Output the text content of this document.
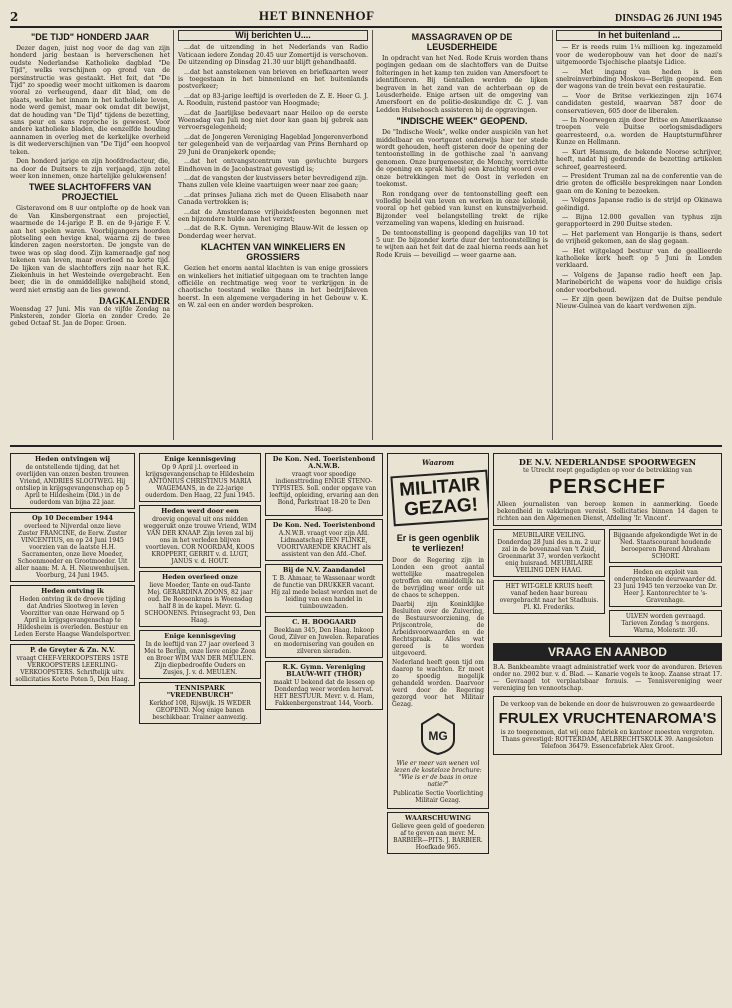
2	HET BINNENHOF	DINSDAG 26 JUNI 1945
"DE TIJD" HONDERD JAAR

Dezer dagen, juist nog voor de dag van zijn honderd jarig bestaan is herverschenen het oudste Nederlandse Katholieke dagblad "De Tijd", welks verschijnen op grond van de persinstructie was gestaakt. Het feit, dat "De Tijd" zo spoedig weer mocht uitkomen is daarom vooral zo verheugend, daar dit blad, om de plaats, welke het innam in het katholieke leven, node werd gemist, maar ook omdat dit bewijst, dat de houding van "De Tijd" tijdens de bezetting, sans peur en sans reproche is geweest. Voor andere katholieke bladen, die eenzelfde houding aannamen in overleg met de kerkelijke overheid is dit wederverschijnen van "De Tijd" een hoopvol teken.

Den honderd jarige en zijn hoofdredacteur, die, na door de Duitsers te zijn verjaagd, zijn zetel weer kon innemen, onze hartelijke gelukwensen!

TWEE SLACHTOFFERS VAN PROJECTIEL

Gisteravond om 8 uur ontplofte op de hoek van de Van Kinsbergenstraat een projectiel, waarmede de 14-jarige P. B. en de 9-jarige F. V. aan het spelen waren. Voorbijgangers hoorden plotseling een hevige knal, waarna zij de twee kinderen zagen neerstorten. De jongste van de twee was op slag dood. Zijn kameraadje gaf nog tekenen van leven, maar overleed na korte tijd. De lijken van de slachtoffers zijn naar het R.K. Ziekenhuis in het Westeinde overgebracht. Een beer, die in de onmiddellijke nabijheid stond, werd niet ernstig aan de lies gewond.

DAGKALENDER
Woensdag 27 Juni. Mis van de vijfde Zondag na Pinksteren, zonder Gloria en zonder Credo. 2e gebed Octaaf St. Jan de Doper. Groen.
Wij berichten U....

...dat de uitzending in het Nederlands van Radio Vaticaan iedere Zondag 20.45 uur Zomertijd is verschoven. De uitzending op Dinsdag 21.30 uur blijft gehandhaafd.

...dat het aanstekenen van brieven en briefkaarten weer is toegestaan in het binnenland en het buitenlands postverkeer;

...dat op 83-jarige leeftijd is overleden de Z. E. Heer G. J. A. Rooduin, rustend pastoor van Hoogmade;

...dat de Jaarlijkse bedevaart naar Heiloo op de eerste Woensdag van Juli nog niet door kan gaan bij gebrek aan vervoersgelegenheid;

...dat de Jongeren Vereniging Hageblad Jongerenverbond ter gelegenheid van de verjaardag van Prins Bernhard op 29 Juni de Oranjekerk opende;

...dat het ontvangstcentrum van gevluchte burgers Eindhoven in de Jacobastraat gevestigd is;

...dat de vangsten der kustvissers beter bevredigend zijn. Thans zullen vele kleine vaartuigen weer naar zee gaan;

...dat prinses Juliana zich met de Queen Elisabeth naar Canada vertrokken is;

...dat de Amsterdamse vrijheidsfeesten begonnen met een bijzondere hulde aan het verzet;

...dat de R.K. Gymn. Vereniging Blauw-Wit de lessen op Donderdag weer hervat.

KLACHTEN VAN WINKELIERS EN GROSSIERS

Gezien het enorm aantal klachten is van enige grossiers en winkeliers het initiatief uitgegaan om te trachten lange officiële en rechtmatige weg voor te verkrijgen in de chaotische toestand welke thans in het bedrijfsleven heerst. In een algemene vergadering in het Gebouw v. K. en W. zal een en ander worden besproken.

MASSAGRAVEN OP DE LEUSDERHEIDE

In opdracht van het Ned. Rode Kruis worden thans pogingen gedaan om de slachtoffers van de Duitse folteringen in het kamp ten zuiden van Amersfoort te identificeren. Bij tientallen werden de lijken begraven in het zand van de achterbaan op de Leusderheide. Enige artsen uit de omgeving van Amersfoort en de politie-deskundige dr. C. J. van Ledden Hulsebosch assisteren bij de opgravingen.

"INDISCHE WEEK" GEOPEND.

De "Indische Week", welke onder auspiciën van het middelbaar en voortgezet onderwijs hier ter stede wordt gehouden, heeft gisteren door de opening der tentoonstelling in de gothische zaal 'n aanvang genomen. Onze burgemeester, de Monchy, verrichtte de opening en sprak hierbij een krachtig woord over onze betrekkingen met de Oost in verleden en toekomst.

Ron rondgang over de tentoonstelling geeft een volledig beeld van leven en werken in onze kolonië, vooral op het gebied van kunst en kunstnijverheid. Bijzonder veel belangstelling trekt de rijke verzameling van wapens, kleding en huisraad.

De tentoonstelling is geopend dagelijks van 10 tot 5 uur. De bijzonder korte duur der tentoonstelling is te wijten aan het feit dat de zaal hierna reeds aan het Rode Kruis — beveiligd — weer gaarne aan.

In het buitenland ...

— Er is reeds ruim 1¼ millioen kg. ingezameld voor de wederopbouw van het door de nazi's uitgemoorde Tsjechische plaatsje Lidice.

— Met ingang van heden is een snelreinverbinding Moskou—Berlijn geopend. Een der wagons van de trein bevat een restauratie.

— Voor de Britse verkiezingen zijn 1674 candidaten gesteld, waarvan 587 door de conservatieven, 605 door de liberalen.

— In Noorwegen zijn door Britse en Amerikaanse troepen vele Duitse oorlogsmisdadigers gearresteerd, o.a. worden de Hauptsturmführer Kunze en Hellmann.

— Kurt Hamsum, de bekende Noorse schrijver, heeft, nadat hij gedurende de bezetting artikelen schreef, gearresteerd.

— President Truman zal na de conferentie van de drie groten de officiële besprekingen naar Londen gaan om de Koning te bezoeken.

— Volgens Japanse radio is de strijd op Okinawa geëindigd.

— Bijna 12.000 gevallen van typhus zijn gerapporteerd in 290 Duitse steden.

— Het parlement van Hongarije is thans, sedert de vrijheid gekomen, aan de slag gegaan.

— Het wijtgelagd bestuur van de geallieerde katholieke kerk heeft op 5 Juni in Londen verklaard.

— Volgens de Japanse radio heeft een Jap. Marinebericht de wapens voor de huidige crisis onder voorbehoud.

— Er zijn geen bewijzen dat de Duitse pendule Nieuw-Guinea van de kaart verdwenen zijn.

Heden ontvingen wij
de ontstellende tijding, dat het overlijden van onzen besten trouwen Vriend, ANDRIES SLOOTWEG. Hij ontsliep in krijgsgevangenschap op 5 April te Hildesheim (Dld.) in de ouderdom van bijna 22 jaar.
Op 10 December 1944
overleed te Nijverdal onze lieve Zuster FRANCINE, de Eerw. Zuster VINCENTIUS, en op 24 Juni 1945 voorzien van de laatste H.H. Sacramenten, onze lieve Moeder, Schoonmoeder en Grootmoeder. Uit aller naam: M. A. H. Nieuwenhuijsen. Voorburg, 24 Juni 1945.
Heden ontving ik
Heden ontving ik de droeve tijding dat Andries Slootweg in leven Voorzitter van onze Herwand op 5 April in krijgsgevangenschap te Hildesheim is overleden. Bestuur en Leden Eerste Haagse Wandelsportver.
P. de Greyter & Zn. N.V.
vraagt CHEF-VERKOOPSTERS 1STE VERKOOPSTERS LEERLING-VERKOOPSTERS. Schriftelijk uitv. sollicitaties Korte Poten 5, Den Haag.
Enige kennisgeving
Op 9 April j.l. overleed in krijgsgevangenschap te Hildesheim ANTONIUS CHRISTINUS MARIA WAGEMANS, in de 22-jarige ouderdom. Den Haag, 22 Juni 1945.
Heden werd door een
droevig ongeval uit ons midden weggerukt onze trouwe Vriend, WIM VAN DER KNAAP. Zijn leven zal bij ons in het verleden blijven voortleven. COR NOORDAM, KOOS KROPPERT, GERRIT v. d. LUGT, JANUS v. d. HOUT.
Heden overleed onze
lieve Moeder, Tante en oud-Tante Mej. GERARDINA ZOONS, 82 jaar oud. De Roosenkrans is Woensdag half 8 in de kapel. Mevr. G. SCHOONENS. Prinsegracht 93, Den Haag.
Enige kennisgeving
In de leeftijd van 27 jaar overleed 3 Mei te Berlijn, onze lieve enige Zoon en Broer WIM VAN DER MEULEN. Zijn diepbedroefde Ouders en Zusjes, J. v. d. MEULEN.
TENNISPARK "VREDENBURCH"
Kerkhof 108, Rijswijk. IS WEDER GEOPEND. Nog enige banen beschikbaar. Trainer aanwezig.
De Kon. Ned. Toeristenbond A.N.W.B.
vraagt voor spoedige indiensttreding ENIGE STENO-TYPISTES. Soll. onder opgave van leeftijd, opleiding, ervaring aan den Bond, Parkstraat 18-20 te Den Haag.
De Kon. Ned. Toeristenbond
A.N.W.B. vraagt voor zijn Afd. Lidmaatschap EEN FLINKE, VOORTVARENDE KRACHT als assistent van den Afd.-Chef.
Bij de N.V. Zaandandel
T. B. Ahmaar, te Wassenaar wordt de functie van DRUKKER vacant. Hij zal mede belast worden met de leiding van een handel in tuinbouwzaden.
C. H. BOOGAARD
Beeklaan 345, Den Haag. Inkoop Goud, Zilver en Juwelen. Reparaties en modernisering van gouden en zilveren sieraden.
R.K. Gymn. Vereniging BLAUW-WIT (THOR)
maakt U bekend dat de lessen op Donderdag weer worden hervat. HET BESTUUR. Mevr. v. d. Ham, Fakkenbergenstraat 144, Voorb.
Waarom
MILITAIR
GEZAG!
Er is geen ogenblik te verliezen!
Door de Regering zijn in Londen een groot aantal wettelijke maatregelen getroffen om onmiddellijk na de bevrijding weer orde uit de chaos te scheppen.
Daarbij zijn Koninklijke Besluiten over de Zuivering, de Bestuursvoorziening, de Prijscontrole, de Arbeidsvoorwaarden en de Rechtspraak. Alles wat gereed is te worden uitgevoerd.
Nederland heeft geen tijd om daarop te wachten. Er moet zo spoedig mogelijk gehandeld worden. Daarvoor werd door de Regering gezorgd voor het Militair Gezag.
MG
Wie er meer van wenen vol lezen de kosteloze brochure: "Wie is er de baas in onze natie?"
Publicatie Sectie Voorlichting Militair Gezag.
WAARSCHUWING
Gelieve geen geld of goederen af te geven aan mevr. M. BARBIER—PITS. J. BARBIER. Hoefkade 965.
DE N.V. NEDERLANDSE SPOORWEGEN
te Utrecht roept gegadigden op voor de betrekking van
PERSCHEF
Alleen journalisten van beroep komen in aanmerking. Goede bekendheid in vakkringen vereist. Sollicitaties binnen 14 dagen te richten aan den Algemenen Dienst, Afdeling 'Ir. Vincent'.
MEUBILAIRE VEILING. Donderdag 28 Juni des n.m. 2 uur zal in de bovenzaal van 't Zuid, Groenmarkt 37, worden verkocht enig huisraad. MEUBILAIRE VEILING DEN HAAG.
HET WIT-GELE KRUIS heeft vanaf heden haar bureau overgebracht naar het Stadhuis. Pl. Kl. Frederiks.
Bijgaande afgekondigde Wet in de Ned. Staatscourant houdende beroeperen Barend Abraham SCHORT.
Heden en exploit van ondergetekende deurwaarder dd. 23 Juni 1945 ten verzoeke van Dr. Heer J. Kantonrechter te 's-Gravenhage.
ULVEN worden gevraagd. Tarieven Zondag 's morgens. Warna, Molenstr. 30.
VRAAG EN AANBOD
B.A. Bankbeambte vraagt administratief werk voor de avonduren. Brieven onder no. 2902 bur. v. d. Blad. — Kanarie vogels te koop. Zaanse straat 17. — Gevraagd tot verplaatsbaar fornuis. — Tennisvereniging weer vereniging ten vennootschap.
De verkoop van de bekende en door de huisvrouwen zo gewaardeerde
FRULEX VRUCHTENAROMA'S
is zo toegenomen, dat wij onze fabriek en kantoor moesten vergroten. Thans gevestigd: ROTTERDAM, AELBRECHTSKOLK 39. Aangesloten Telefoon 36479. Essencefabriek Alex Groot.
